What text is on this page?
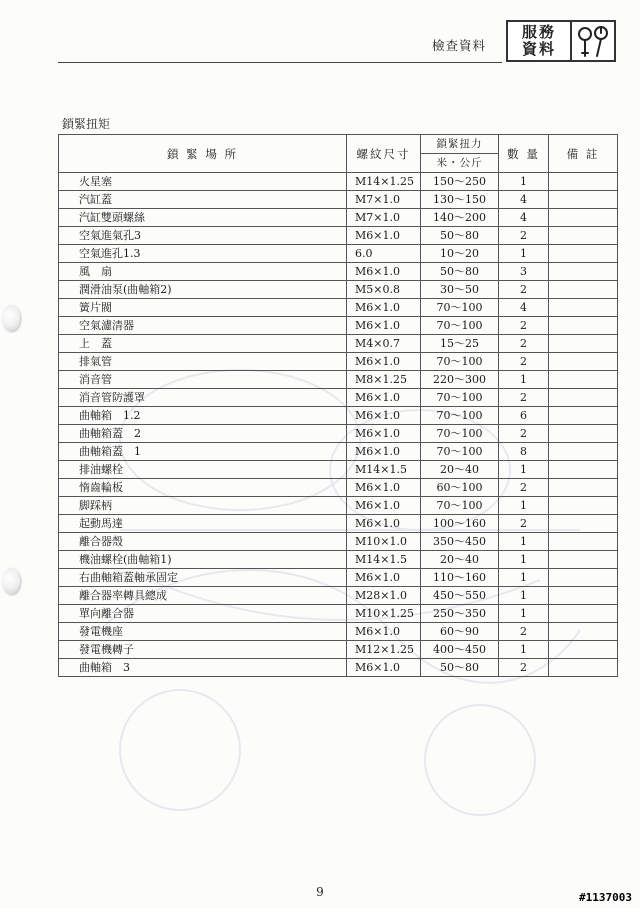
檢查資料
服務
資料
鎖緊扭矩
鎖 緊 場 所	螺紋尺寸	鎖緊扭力	數 量	備 註
		米・公斤		
火星塞	M14×1.25	150〜250	1	
汽缸蓋	M7×1.0	130〜150	4	
汽缸雙頭螺絲	M7×1.0	140〜200	4	
空氣進氣孔3	M6×1.0	50〜80	2	
空氣進孔1.3	6.0	10〜20	1	
風　扇	M6×1.0	50〜80	3	
潤滑油泵(曲軸箱2)	M5×0.8	30〜50	2	
簧片閥	M6×1.0	70〜100	4	
空氣濾清器	M6×1.0	70〜100	2	
上　蓋	M4×0.7	15〜25	2	
排氣管	M6×1.0	70〜100	2	
消音管	M8×1.25	220〜300	1	
消音管防護罩	M6×1.0	70〜100	2	
曲軸箱　1.2	M6×1.0	70〜100	6	
曲軸箱蓋　2	M6×1.0	70〜100	2	
曲軸箱蓋　1	M6×1.0	70〜100	8	
排油螺栓	M14×1.5	20〜40	1	
惰齒輪板	M6×1.0	60〜100	2	
脚踩柄	M6×1.0	70〜100	1	
起動馬達	M6×1.0	100〜160	2	
離合器殼	M10×1.0	350〜450	1	
機油螺栓(曲軸箱1)	M14×1.5	20〜40	1	
右曲軸箱蓋軸承固定	M6×1.0	110〜160	1	
離合器率轉具總成	M28×1.0	450〜550	1	
單向離合器	M10×1.25	250〜350	1	
發電機座	M6×1.0	60〜90	2	
發電機轉子	M12×1.25	400〜450	1	
曲軸箱　3	M6×1.0	50〜80	2	
9	#1137003
